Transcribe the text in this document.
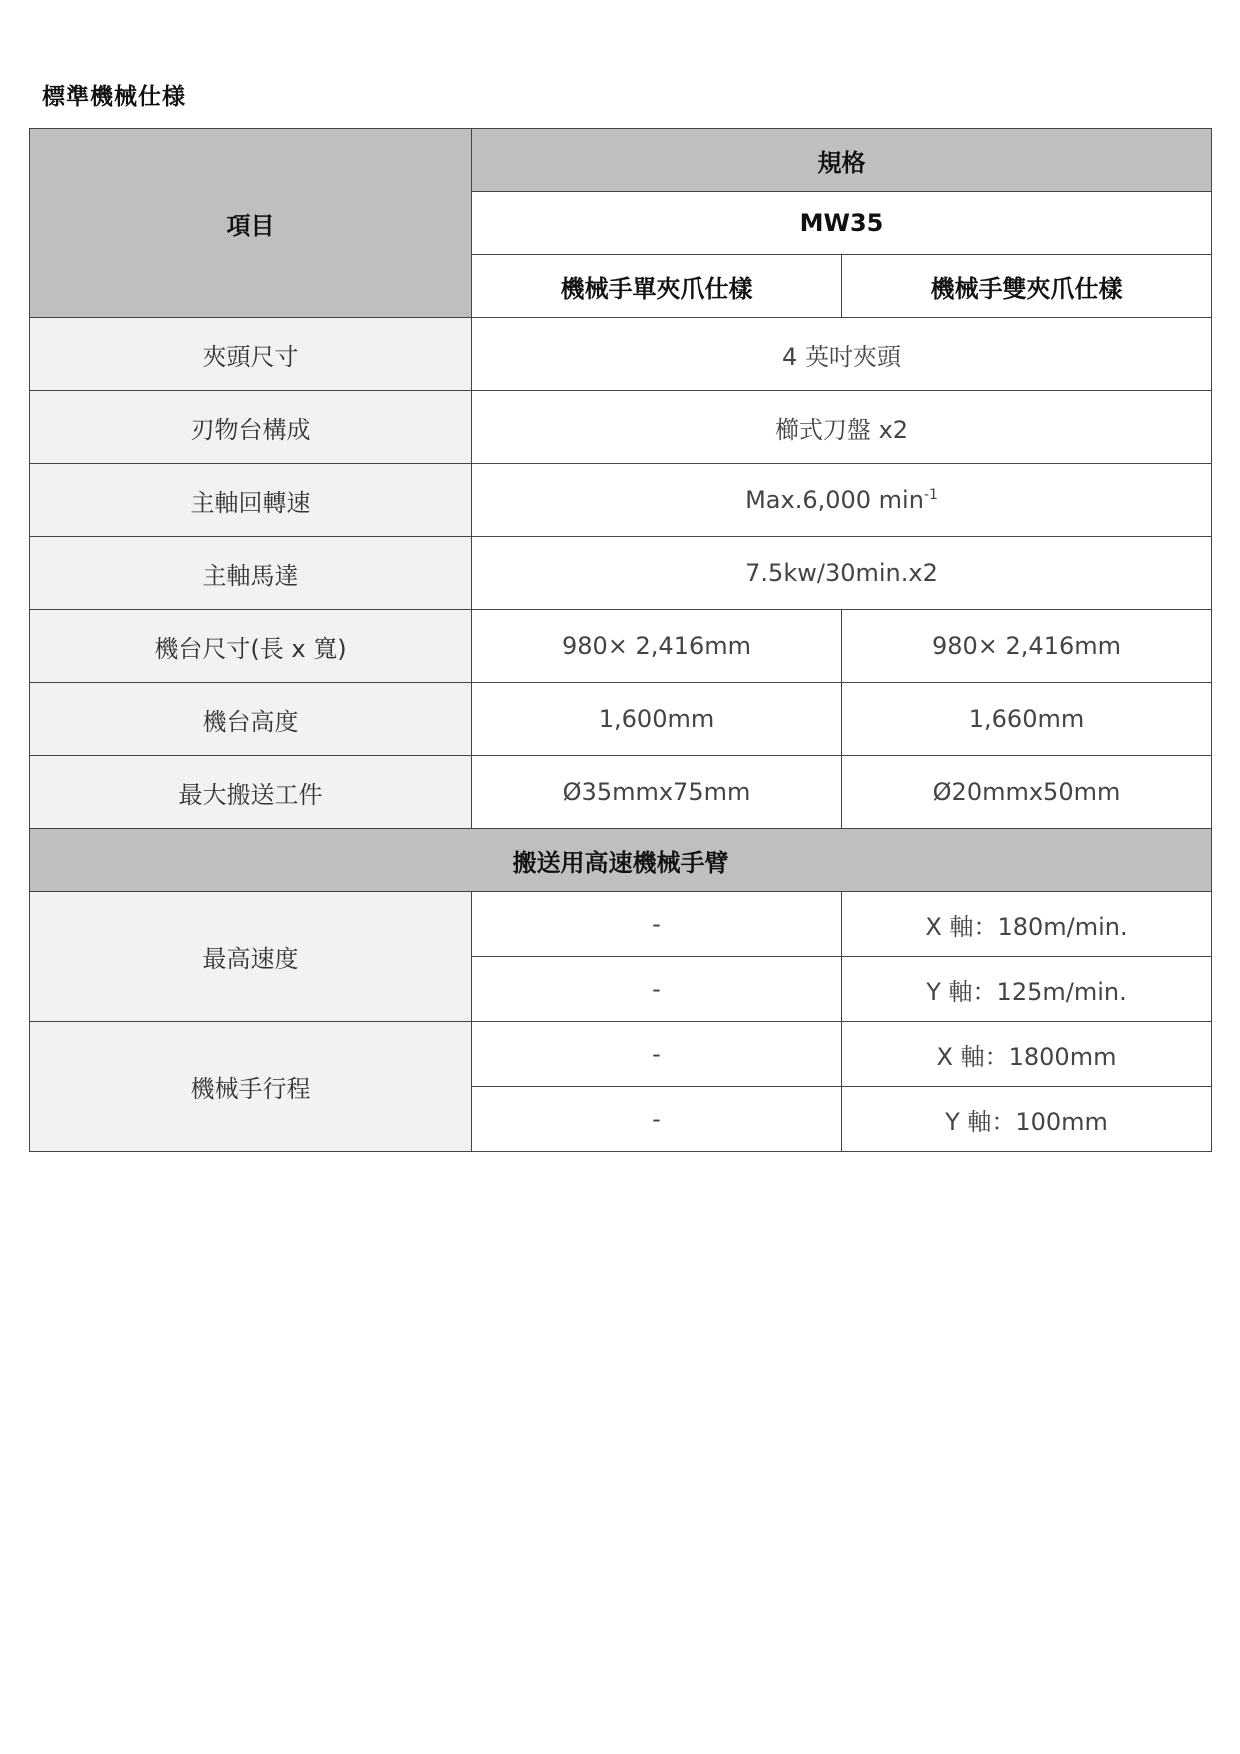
標準機械仕様
項目	規格	
	MW35	
	機械手單夾爪仕樣	機械手雙夾爪仕樣
夾頭尺寸	4 英吋夾頭	
刃物台構成	櫛式刀盤 x2	
主軸回轉速	Max.6,000 $\min^{-1}$
主軸馬達	7.5kw/30min.x2	
機台尺寸(長 x 寬)	980× 2,416mm	980× 2,416mm
機台高度	1,600mm	1,660mm
最大搬送工件	Ø35mmx75mm	Ø20mmx50mm
搬送用高速機械手臂		
最高速度	-	X 軸：180m/min.
	-	Y 軸：125m/min.
機械手行程	-	X 軸：1800mm
	-	Y 軸：100mm
